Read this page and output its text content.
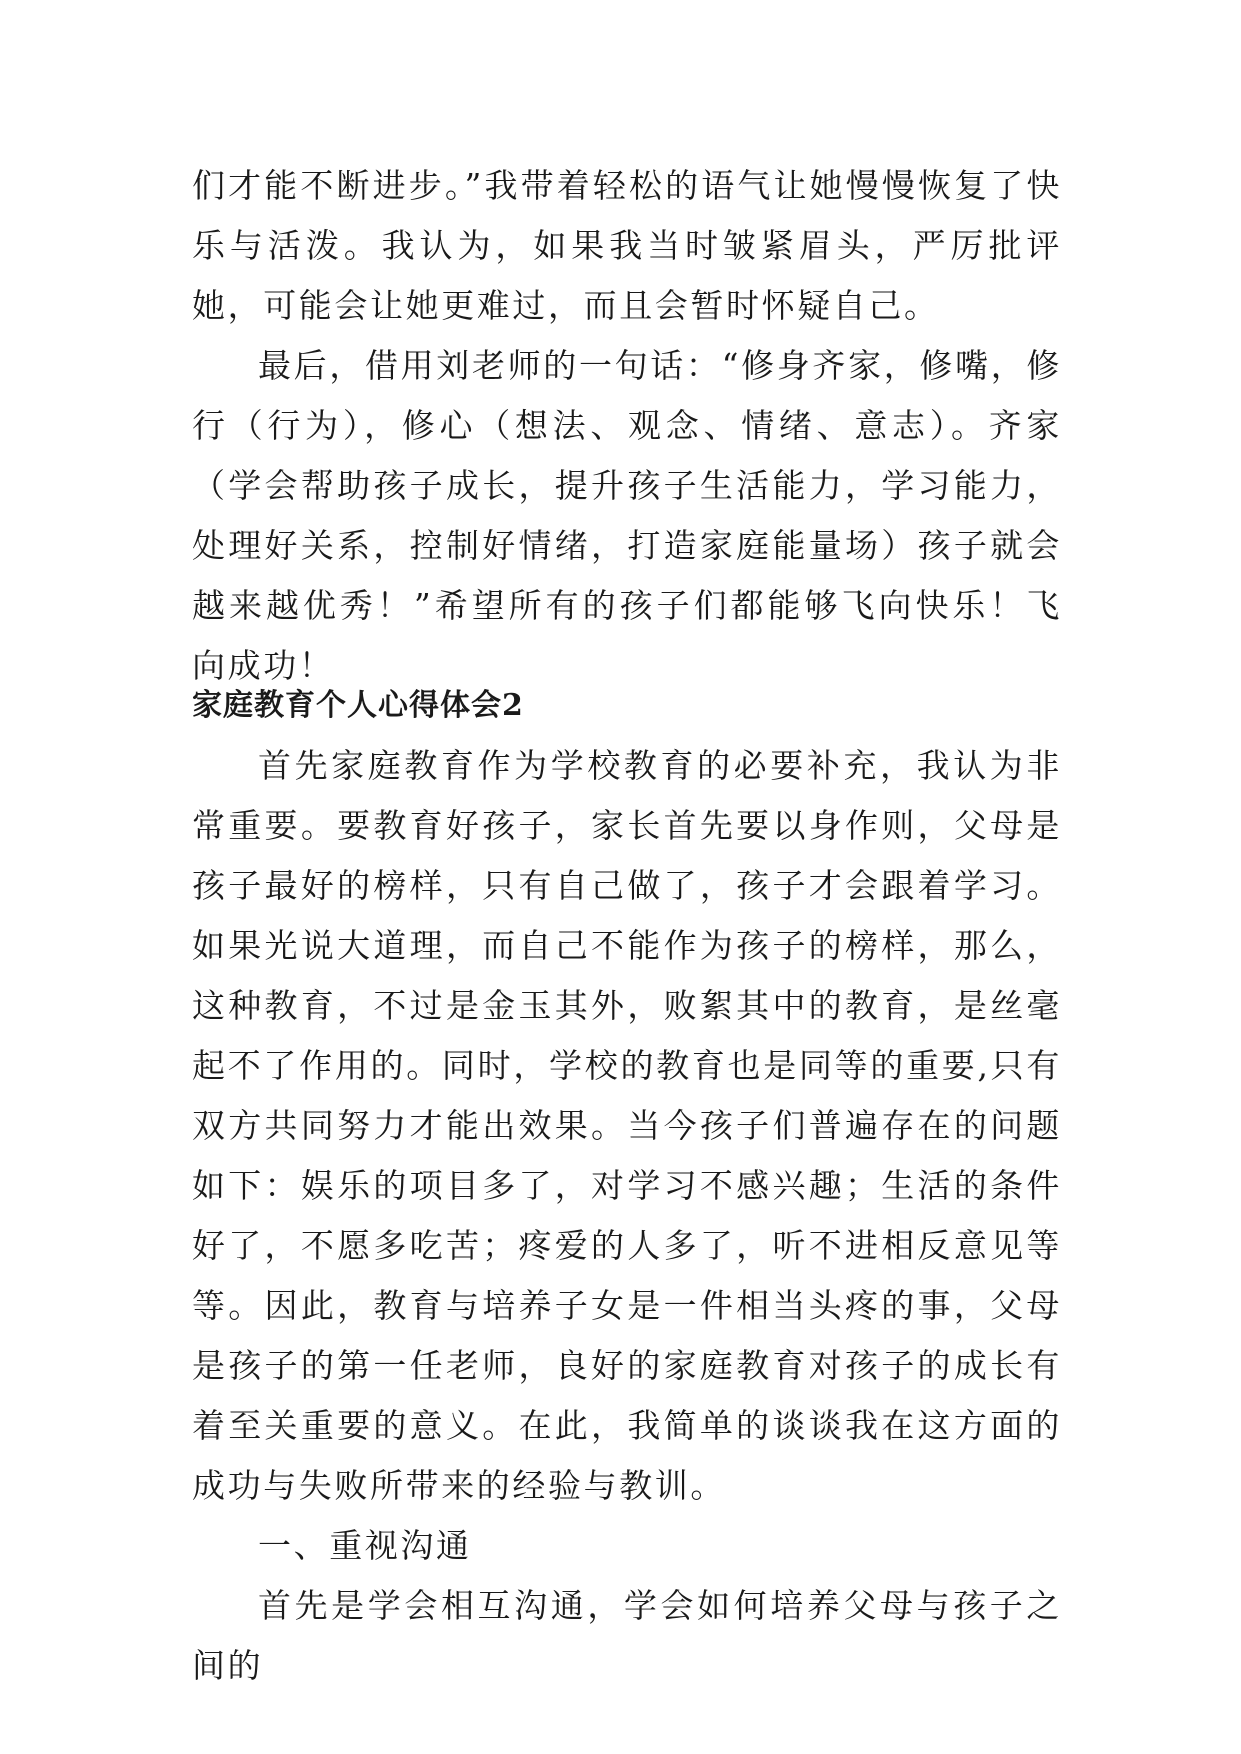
们才能不断进步。”我带着轻松的语气让她慢慢恢复了快乐与活泼。我认为，如果我当时皱紧眉头，严厉批评她，可能会让她更难过，而且会暂时怀疑自己。

最后，借用刘老师的一句话：“修身齐家，修嘴，修行（行为），修心（想法、观念、情绪、意志）。齐家（学会帮助孩子成长，提升孩子生活能力，学习能力，处理好关系，控制好情绪，打造家庭能量场）孩子就会越来越优秀！”希望所有的孩子们都能够飞向快乐！飞向成功！

家庭教育个人心得体会2

首先家庭教育作为学校教育的必要补充，我认为非常重要。要教育好孩子，家长首先要以身作则，父母是孩子最好的榜样，只有自己做了，孩子才会跟着学习。如果光说大道理，而自己不能作为孩子的榜样，那么，这种教育，不过是金玉其外，败絮其中的教育，是丝毫起不了作用的。同时，学校的教育也是同等的重要,只有双方共同努力才能出效果。当今孩子们普遍存在的问题如下：娱乐的项目多了，对学习不感兴趣；生活的条件好了，不愿多吃苦；疼爱的人多了，听不进相反意见等等。因此，教育与培养子女是一件相当头疼的事，父母是孩子的第一任老师，良好的家庭教育对孩子的成长有着至关重要的意义。在此，我简单的谈谈我在这方面的成功与失败所带来的经验与教训。

一、重视沟通

首先是学会相互沟通，学会如何培养父母与孩子之间的
